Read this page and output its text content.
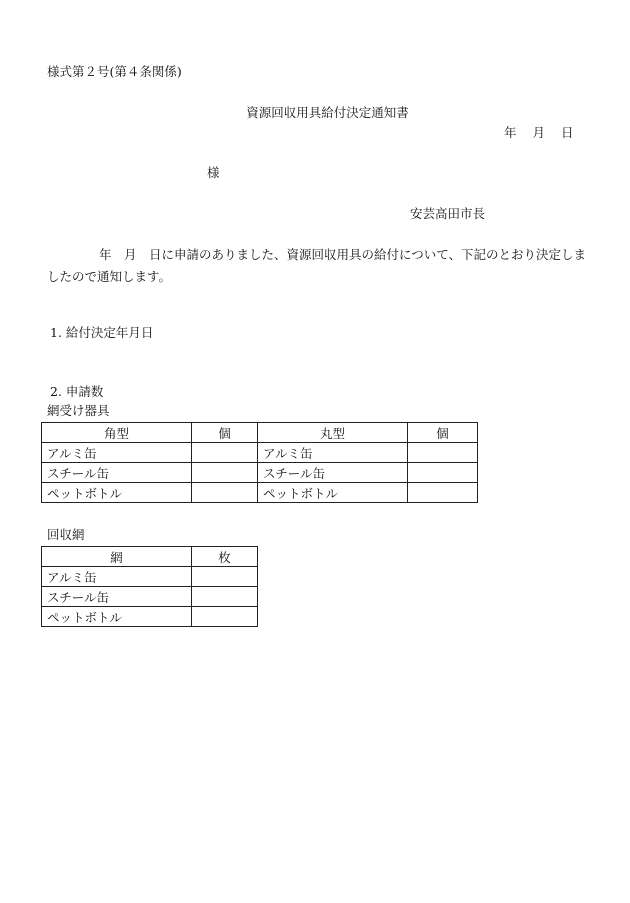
様式第２号(第４条関係)
資源回収用具給付決定通知書
年 月 日
様
安芸高田市長
年　月　日に申請のありました、資源回収用具の給付について、下記のとおり決定しましたので通知します。
1. 給付決定年月日
2. 申請数
網受け器具
角型	個	丸型	個
アルミ缶		アルミ缶	
スチール缶		スチール缶	
ペットボトル		ペットボトル	
回収網
網	枚
アルミ缶	
スチール缶	
ペットボトル	
